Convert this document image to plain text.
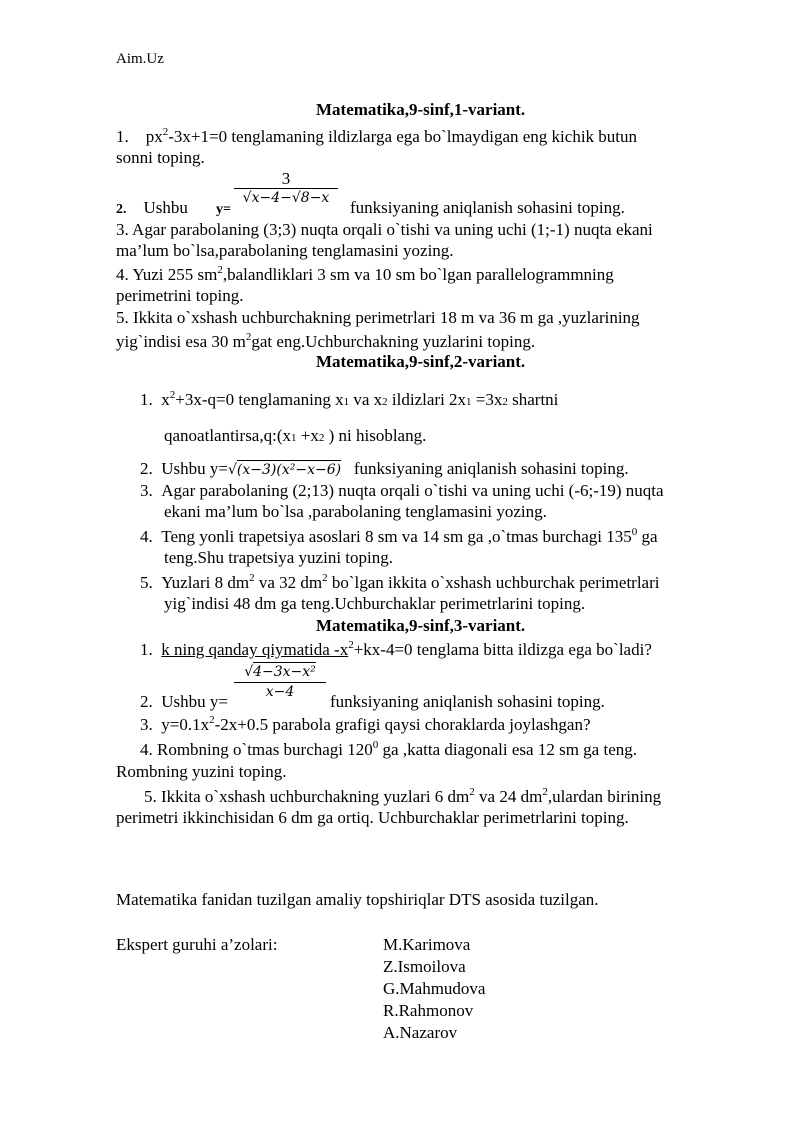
Aim.Uz
Matematika,9-sinf,1-variant.
1. $px^2-3x+1=0$ tenglamaning ildizlarga ega bo`lmaydigan eng kichik butun
sonni toping.
2. Ushbu y=
3
√x−4−√8−x	funksiyaning aniqlanish sohasini toping.
3. Agar parabolaning (3;3) nuqta orqali o`tishi va uning uchi (1;-1) nuqta ekani
ma’lum bo`lsa,parabolaning tenglamasini yozing.
4. Yuzi 255 $sm^2,balandliklari$ 3 sm va 10 sm bo`lgan parallelogrammning
perimetrini toping.
5. Ikkita o`xshash uchburchakning perimetrlari 18 m va 36 m ga ,yuzlarining
yig`indisi esa 30 $m^2gat$ eng.Uchburchakning yuzlarini toping.
Matematika,9-sinf,2-variant.
1. $x^2+3x-q=0$ tenglamaning x1 va x2 ildizlari 2x1 =3x2 shartni
qanoatlantirsa,q:(x1 +x2 ) ni hisoblang.
2. Ushbu y=√(x−3)(x²−x−6) funksiyaning aniqlanish sohasini toping.
3. Agar parabolaning (2;13) nuqta orqali o`tishi va uning uchi (-6;-19) nuqta
ekani ma’lum bo`lsa ,parabolaning tenglamasini yozing.
4. Teng yonli trapetsiya asoslari 8 sm va 14 sm ga ,o`tmas burchagi $135^0$ ga
teng.Shu trapetsiya yuzini toping.
5. Yuzlari 8 $dm^2$ va 32 $dm^2$ bo`lgan ikkita o`xshash uchburchak perimetrlari
yig`indisi 48 dm ga teng.Uchburchaklar perimetrlarini toping.
Matematika,9-sinf,3-variant.
1. k ning qanday qiymatida $-x^2+kx-4=0$ tenglama bitta ildizga ega bo`ladi?
2. Ushbu $y= \frac{\text{√4−3x−x²}}{x-4}$ funksiyaning aniqlanish sohasini toping.
3. $y=0.1x^2-2x+0.5$ parabola grafigi qaysi choraklarda joylashgan?
4. Rombning o`tmas burchagi $120^0$ ga ,katta diagonali esa 12 sm ga teng.
Rombning yuzini toping.
5. Ikkita o`xshash uchburchakning yuzlari 6 $dm^2$ va 24 $dm^2,ulardan$ birining
perimetri ikkinchisidan 6 dm ga ortiq. Uchburchaklar perimetrlarini toping.
Matematika fanidan tuzilgan amaliy topshiriqlar DTS asosida tuzilgan.
Ekspert guruhi a’zolari:	M.Karimova
Z.Ismoilova
G.Mahmudova
R.Rahmonov
A.Nazarov
